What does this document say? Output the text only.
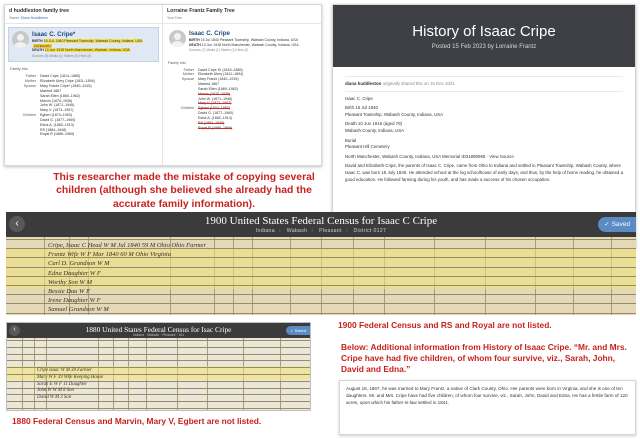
d huddleston family tree
Owner: Diana Huddleston
Isaac C. Cripe*
BIRTH 15 JUL 1840 Pleasant Township, Wabash County, Indiana, USA CATEGORY
DEATH 10 Jun 1918 North Manchester, Wabash, Indiana, USA
Sources (8) Media (1) Stories (4) Hints (0)
Family Info
Father	David Cripe (1814–1885)
Mother	Elizabeth Ulery Cripe (1811–1894)
Spouse	Mary Frantz Cripe* (1840–1915)
Married 1867
Sarah Ellen (1869–1962)
Marvin (1870–1936)
John W. (1871–1946)
Mary V. (1873–1957)
Children	Egbert (1874–1953)
David G. (1877–1960)
Edna A. (1882–1913)
RS (1884–1948)
Royal R (1886–1969)
Lorraine Frantz Family Tree
Your Tree
Isaac C. Cripe
BIRTH 15 Jul 1840 Pleasant Township, Wabash County, Indiana, USA
DEATH 10 Jun 1918 North Manchester, Wabash County, Indiana, USA
Sources (7) Media (1) Stories (1) Hints (0)
Family Info
Father	David Cripe Sr (1815–1885)
Mother	Elizabeth Ulery (1811–1894)
Spouse	Mary Frantz (1840–1915)
Married 1867
Sarah Ellen (1869–1962)
Marvin (1870–1936)
John W. (1871–1946)
Mary V. (1873–1957)
Children	Egbert (1874–1953)
David G. (1877–1960)
Edna A. (1882–1913)
RS (1884–1948)
Royal R (1886–1969)
History of Isaac Cripe
Posted 15 Feb 2023 by Lorraine Frantz
diana huddleston originally shared this on 15 Dec 2021
Isaac C. Cripe
Birth 15 Jul 1840
Pleasant Township, Wabash County, Indiana, USA
Death 10 Jun 1918 (aged 78)
Wabash County, Indiana, USA
Burial
Pleasant Hill Cemetery
North Manchester, Wabash County, Indiana, USA Memorial ID31890965 · View Source
David and Elizabeth Cripe, the parents of Isaac C. Cripe, came from Ohio to Indiana and settled in Pleasant Township, Wabash County, where Isaac C. was born 15 July 1840. He attended school at the log schoolhouse of early days, and thus, by the help of home reading, he obtained a good education. He followed farming during his youth, and has made a success of his chosen occupation.
This researcher made the mistake of copying several children (although she believed she already had the accurate family information).
‹	1900 United States Federal Census for Isaac C Cripe
Indiana › Wabash › Pleasant › District 0127
✓ Saved
Cripe, Isaac C Head W M Jul 1840 59 M Ohio Ohio Farmer
Frantz Wife W F Mar 1840 60 M Ohio Virginia
Carl D. Grandson W M
Edna Daughter W F
Worthy Son W M
Bessie Dau W F
Irene Daughter W F
Samuel Grandson W M
1900 Federal Census and RS and Royal are not listed.
Below: Additional information from History of Isaac Cripe. “Mr. and Mrs. Cripe have had five children, of whom four survive, viz., Sarah, John, David and Edna.”
‹	1880 United States Federal Census for Isac Cripe
Indiana · Wabash · Pleasant · 161
✓ Saved
Cripe Isaac W M 39 Farmer
Mary W F 39 Wife Keeping House
Sarah E W F 11 Daughter
John W W M 8 Son
David W M 3 Son
1880 Federal Census and Marvin, Mary V, Egbert are not listed.
August 18, 1867, he was married to Mary Frantz, a native of Clark County, Ohio. Her parents were born in Virginia, and she is one of ten daughters. Mr. and Mrs. Cripe have had five children, of whom four survive, viz., Sarah, John, David and Edna. He has a fertile farm of 120 acres, upon which his father-in-law settled in 1841.
